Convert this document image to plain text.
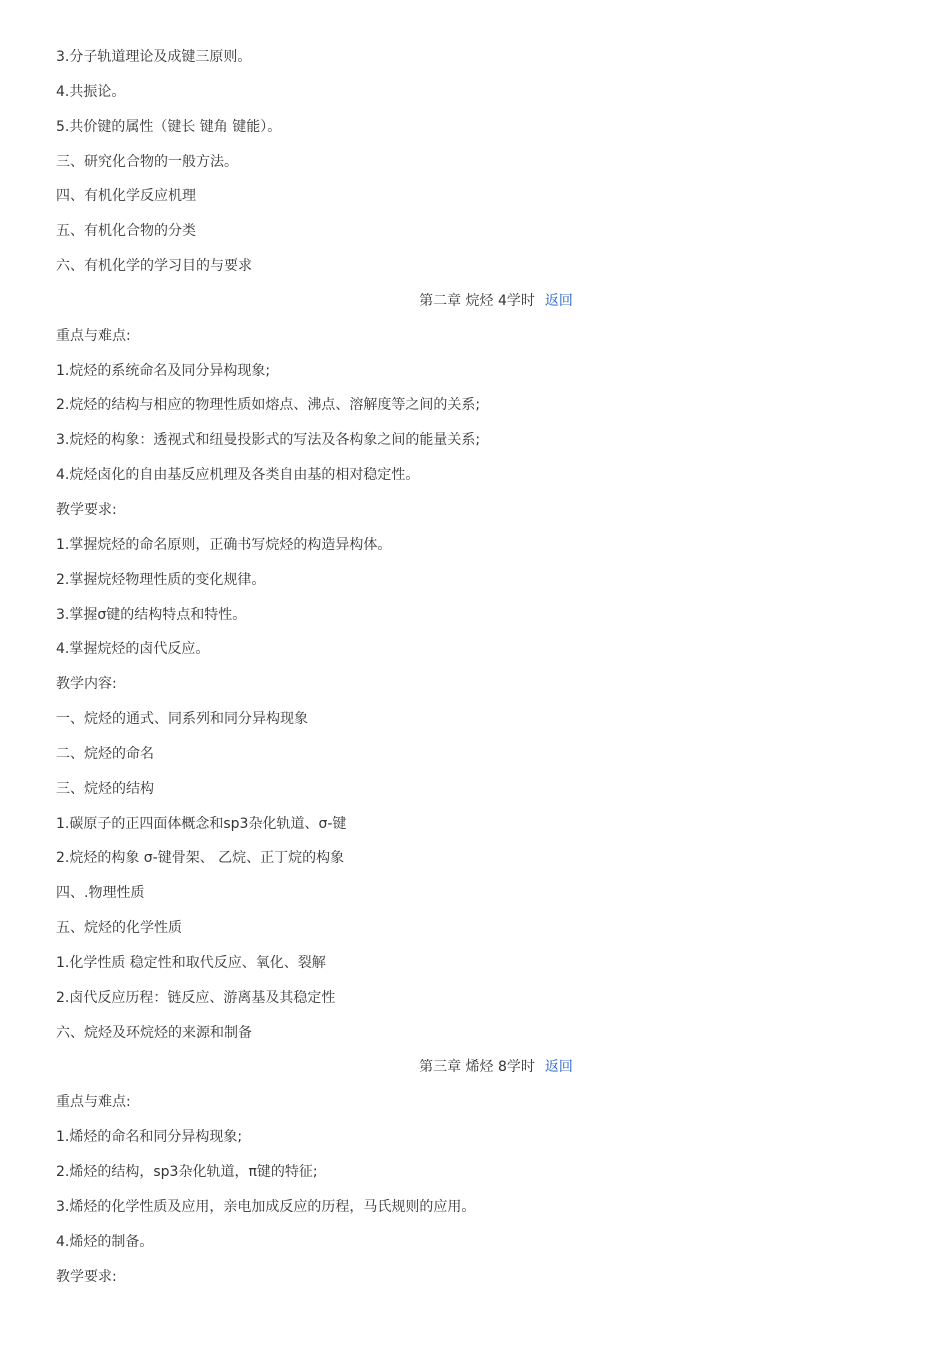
3.分子轨道理论及成键三原则。
4.共振论。
5.共价键的属性（键长 键角 键能）。
三、研究化合物的一般方法。
四、有机化学反应机理
五、有机化合物的分类
六、有机化学的学习目的与要求
第二章 烷烃 4学时 返回
重点与难点:
1.烷烃的系统命名及同分异构现象;
2.烷烃的结构与相应的物理性质如熔点、沸点、溶解度等之间的关系;
3.烷烃的构象：透视式和纽曼投影式的写法及各构象之间的能量关系;
4.烷烃卤化的自由基反应机理及各类自由基的相对稳定性。
教学要求:
1.掌握烷烃的命名原则，正确书写烷烃的构造异构体。
2.掌握烷烃物理性质的变化规律。
3.掌握σ键的结构特点和特性。
4.掌握烷烃的卤代反应。
教学内容:
一、烷烃的通式、同系列和同分异构现象
二、烷烃的命名
三、烷烃的结构
1.碳原子的正四面体概念和sp3杂化轨道、σ-键
2.烷烃的构象 σ-键骨架、 乙烷、正丁烷的构象
四、.物理性质
五、烷烃的化学性质
1.化学性质 稳定性和取代反应、氧化、裂解
2.卤代反应历程：链反应、游离基及其稳定性
六、烷烃及环烷烃的来源和制备
第三章 烯烃 8学时 返回
重点与难点:
1.烯烃的命名和同分异构现象;
2.烯烃的结构，sp3杂化轨道，π键的特征;
3.烯烃的化学性质及应用，亲电加成反应的历程，马氏规则的应用。
4.烯烃的制备。
教学要求:
